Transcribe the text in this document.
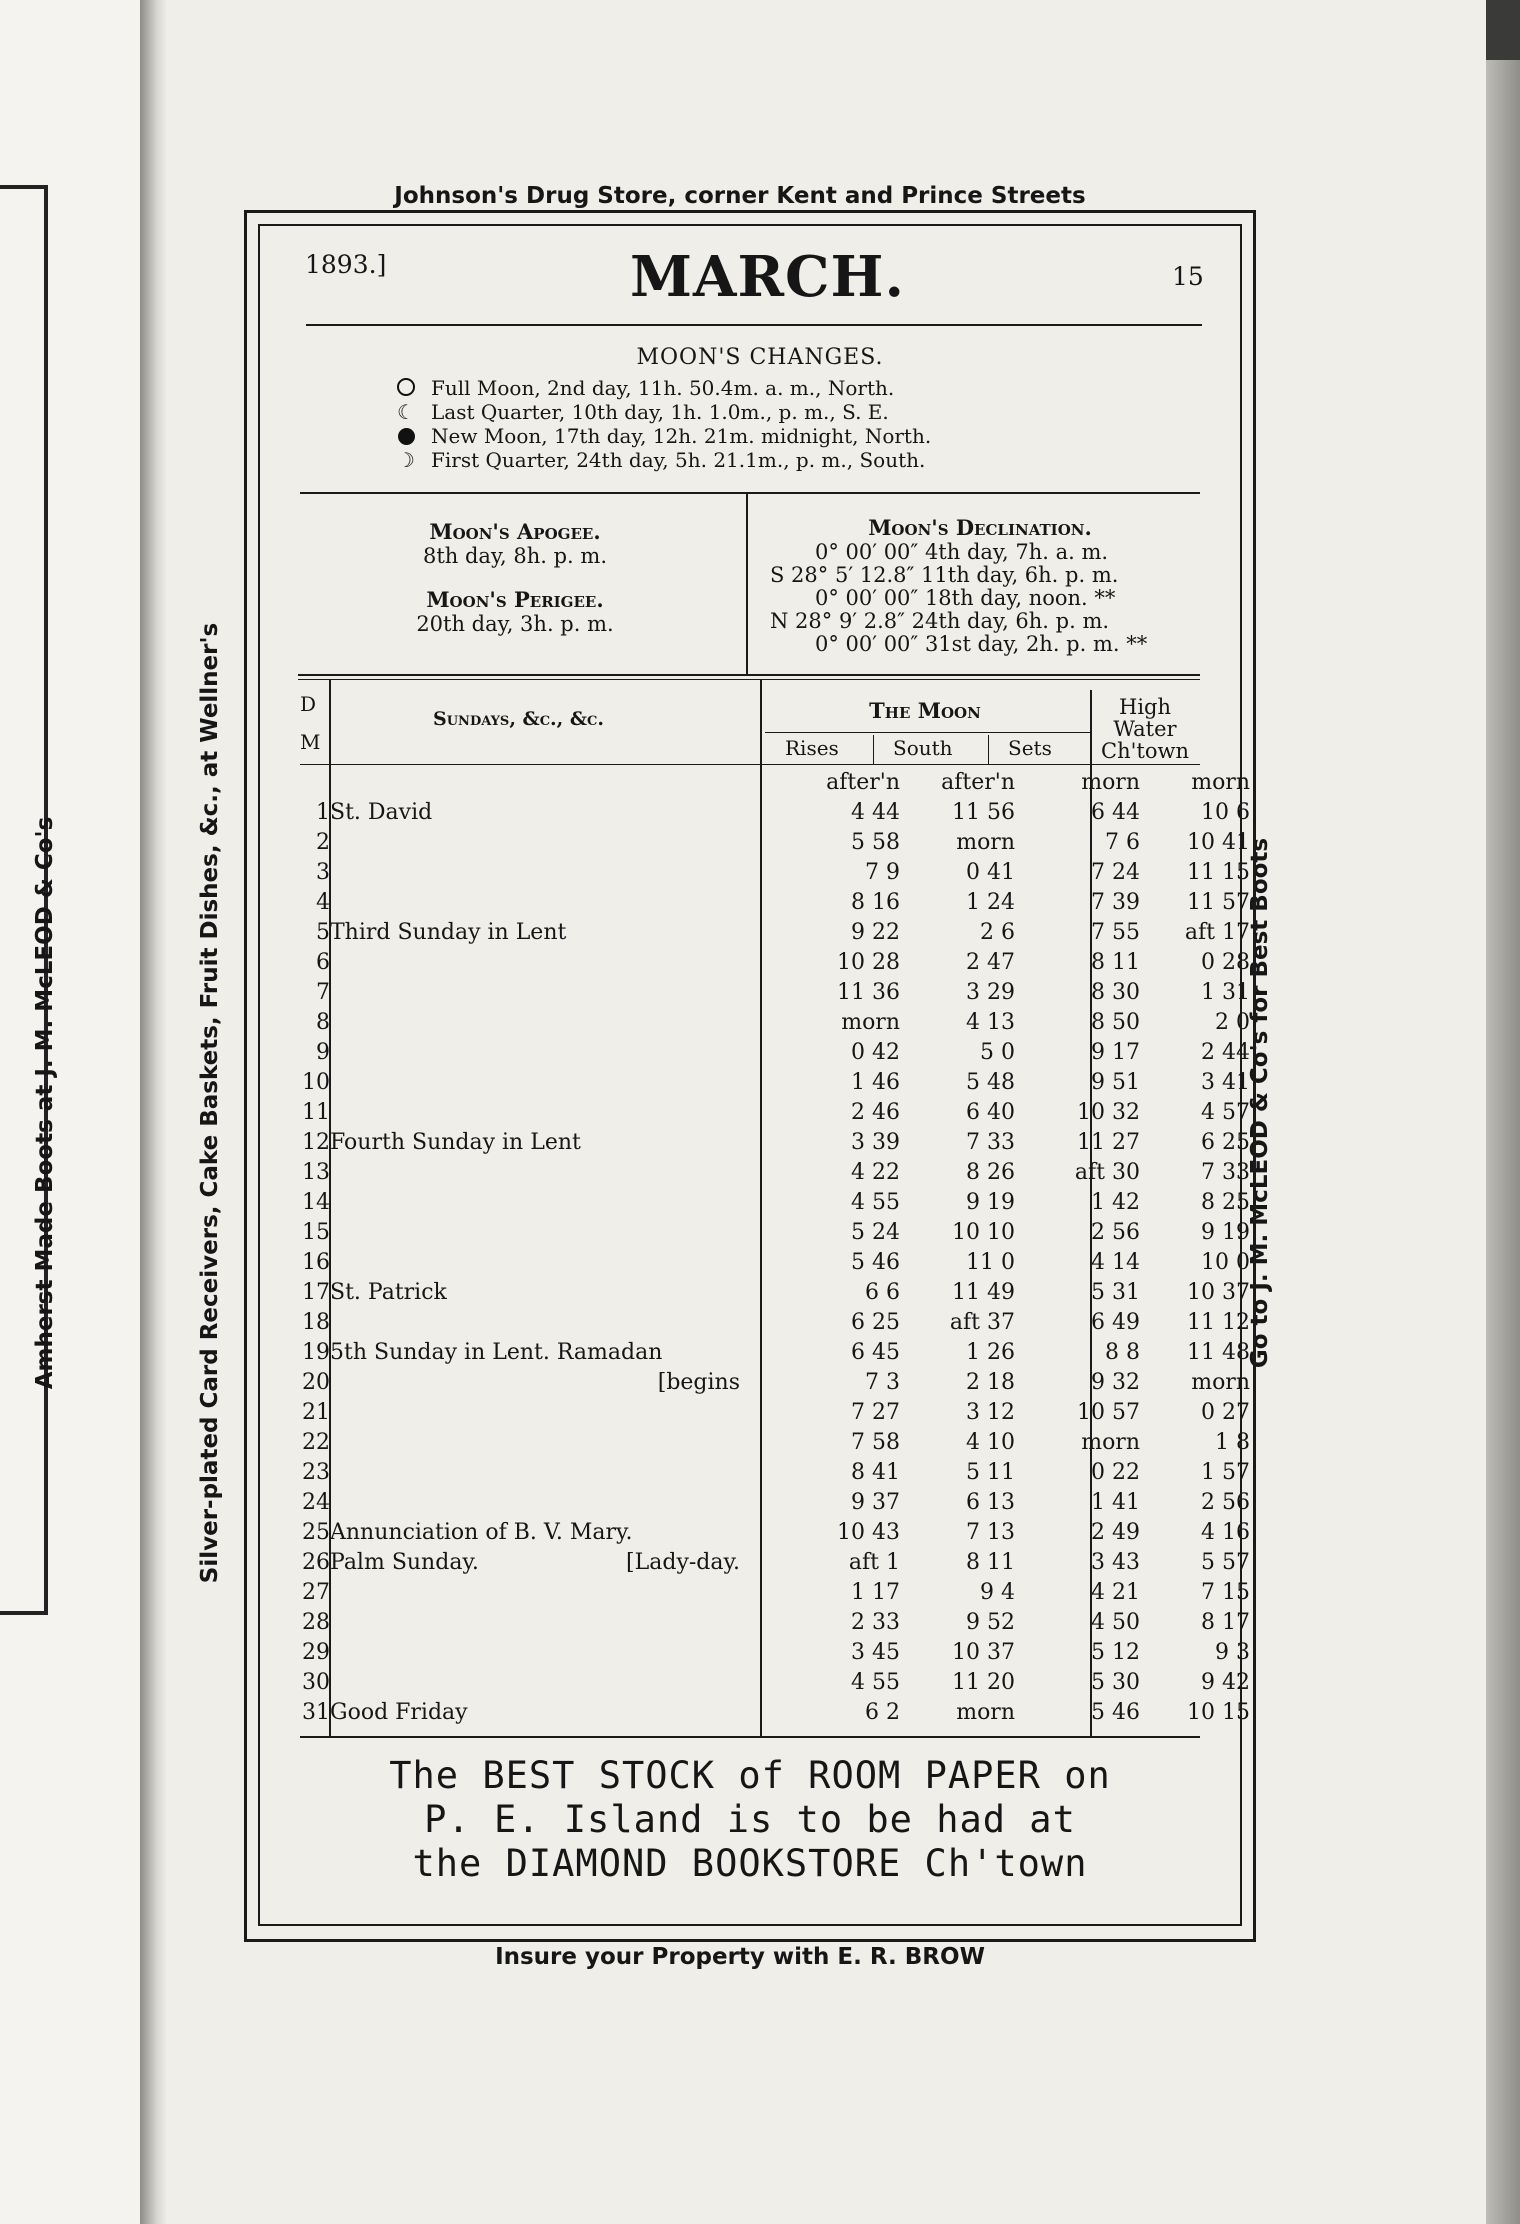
Amherst Made Boots at J. M. McLEOD & Co's	Silver-plated Card Receivers, Cake Baskets, Fruit Dishes, &c., at Wellner's	Go to J. M. McLEOD & Co's for Best Boots
Johnson's Drug Store, corner Kent and Prince Streets
Insure your Property with E. R. BROW
1893.]	MARCH.	15
MOON'S CHANGES.
Full Moon, 2nd day, 11h. 50.4m. a. m., North.
☾ Last Quarter, 10th day, 1h. 1.0m., p. m., S. E.
New Moon, 17th day, 12h. 21m. midnight, North.
☽ First Quarter, 24th day, 5h. 21.1m., p. m., South.
Moon's Apogee.
8th day, 8h. p. m.
Moon's Perigee.
20th day, 3h. p. m.
Moon's Declination.
0° 00′ 00″ 4th day, 7h. a. m.
S 28° 5′ 12.8″ 11th day, 6h. p. m.
0° 00′ 00″ 18th day, noon. **
N 28° 9′ 2.8″ 24th day, 6h. p. m.
0° 00′ 00″ 31st day, 2h. p. m. **
D
M
Sundays, &c., &c.	The Moon
Rises	South	Sets
High
Water
Ch'town
after'n	after'n	morn	morn
1 St. David	4 44	11 56	6 44	10 6
2	5 58	morn	7 6	10 41
3	7 9	0 41	7 24	11 15
4	8 16	1 24	7 39	11 57
5 Third Sunday in Lent	9 22	2 6	7 55	aft 17
6	10 28	2 47	8 11	0 28
7	11 36	3 29	8 30	1 31
8	morn	4 13	8 50	2 0
9	0 42	5 0	9 17	2 44
10	1 46	5 48	9 51	3 41
11	2 46	6 40	10 32	4 57
12 Fourth Sunday in Lent	3 39	7 33	11 27	6 25
13	4 22	8 26	aft 30	7 33
14	4 55	9 19	1 42	8 25
15	5 24	10 10	2 56	9 19
16	5 46	11 0	4 14	10 0
17 St. Patrick	6 6	11 49	5 31	10 37
18	6 25	aft 37	6 49	11 12
19 5th Sunday in Lent. Ramadan	6 45	1 26	8 8	11 48
20	[begins	7 3	2 18	9 32	morn
21	7 27	3 12	10 57	0 27
22	7 58	4 10	morn	1 8
23	8 41	5 11	0 22	1 57
24	9 37	6 13	1 41	2 56
25 Annunciation of B. V. Mary.	10 43	7 13	2 49	4 16
26 Palm Sunday.	[Lady-day.	aft 1	8 11	3 43	5 57
27	1 17	9 4	4 21	7 15
28	2 33	9 52	4 50	8 17
29	3 45	10 37	5 12	9 3
30	4 55	11 20	5 30	9 42
31 Good Friday	6 2	morn	5 46	10 15
The BEST STOCK of ROOM PAPER on
P. E. Island is to be had at
the DIAMOND BOOKSTORE Ch'town
